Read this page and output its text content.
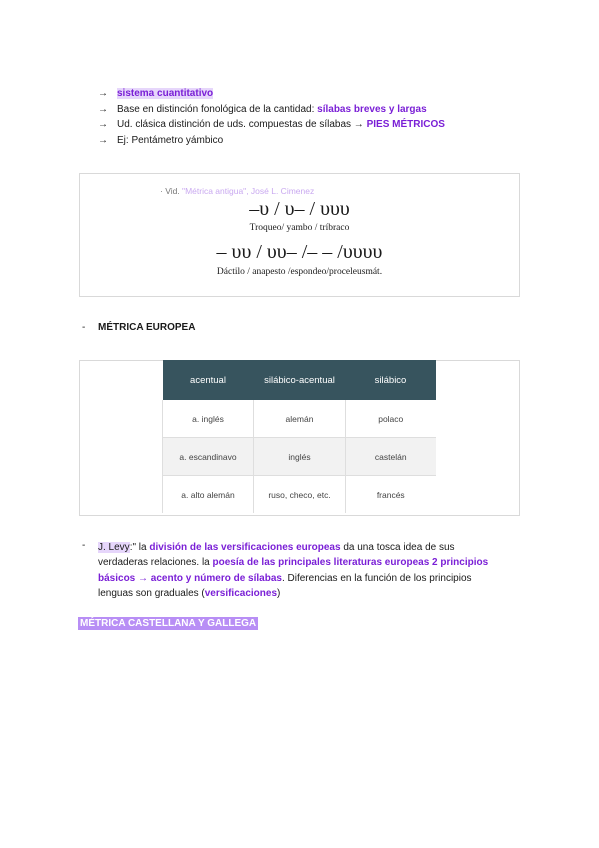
→ sistema cuantitativo
→ Base en distinción fonológica de la cantidad: sílabas breves y largas
→ Ud. clásica distinción de uds. compuestas de sílabas → PIES MÉTRICOS
→ Ej: Pentámetro yámbico
· Vid. "Métrica antigua", José L. Cimenez
–υ / υ– / υυυ
Troqueo/ yambo / tríbraco
– υυ / υυ– /– – /υυυυ
Dáctilo / anapesto /espondeo/proceleusmát.
- MÉTRICA EUROPEA
acentual	silábico-acentual	silábico
a. inglés	alemán	polaco
a. escandinavo	inglés	castelán
a. alto alemán	ruso, checo, etc.	francés
- J. Levy:" la división de las versificaciones europeas da una tosca idea de sus
verdaderas relaciones. la poesía de las principales literaturas europeas 2 principios
básicos → acento y número de sílabas. Diferencias en la función de los principios
lenguas son graduales (versificaciones)
MÉTRICA CASTELLANA Y GALLEGA
